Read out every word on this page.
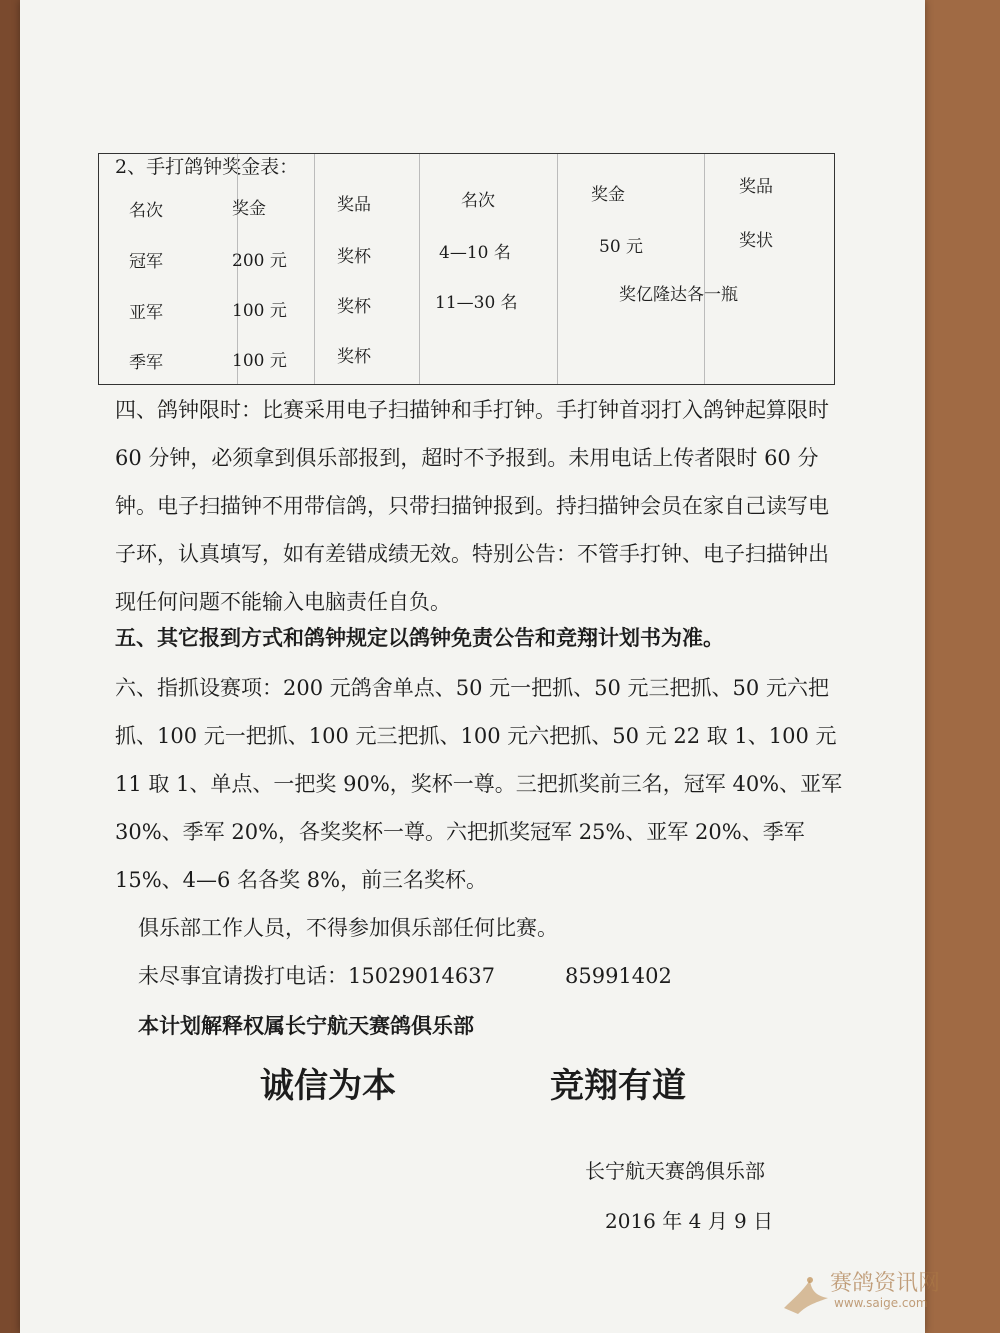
2、手打鸽钟奖金表：
名次	奖金	奖品	名次	奖金	奖品
冠军	200 元	奖杯	4—10 名	50 元	奖状
亚军	100 元	奖杯	11—30 名	奖亿隆达各一瓶
季军	100 元	奖杯
四、鸽钟限时：比赛采用电子扫描钟和手打钟。手打钟首羽打入鸽钟起算限时 60 分钟，必须拿到俱乐部报到，超时不予报到。未用电话上传者限时 60 分钟。电子扫描钟不用带信鸽，只带扫描钟报到。持扫描钟会员在家自己读写电子环，认真填写，如有差错成绩无效。特别公告：不管手打钟、电子扫描钟出现任何问题不能输入电脑责任自负。
五、其它报到方式和鸽钟规定以鸽钟免责公告和竞翔计划书为准。
六、指抓设赛项：200 元鸽舍单点、50 元一把抓、50 元三把抓、50 元六把抓、100 元一把抓、100 元三把抓、100 元六把抓、50 元 22 取 1、100 元 11 取 1、单点、一把奖 90%，奖杯一尊。三把抓奖前三名，冠军 40%、亚军 30%、季军 20%，各奖奖杯一尊。六把抓奖冠军 25%、亚军 20%、季军 15%、4—6 名各奖 8%，前三名奖杯。
俱乐部工作人员，不得参加俱乐部任何比赛。
未尽事宜请拨打电话：15029014637	85991402
本计划解释权属长宁航天赛鸽俱乐部
诚信为本	竞翔有道
长宁航天赛鸽俱乐部
2016 年 4 月 9 日
赛鸽资讯网
www.saige.com
